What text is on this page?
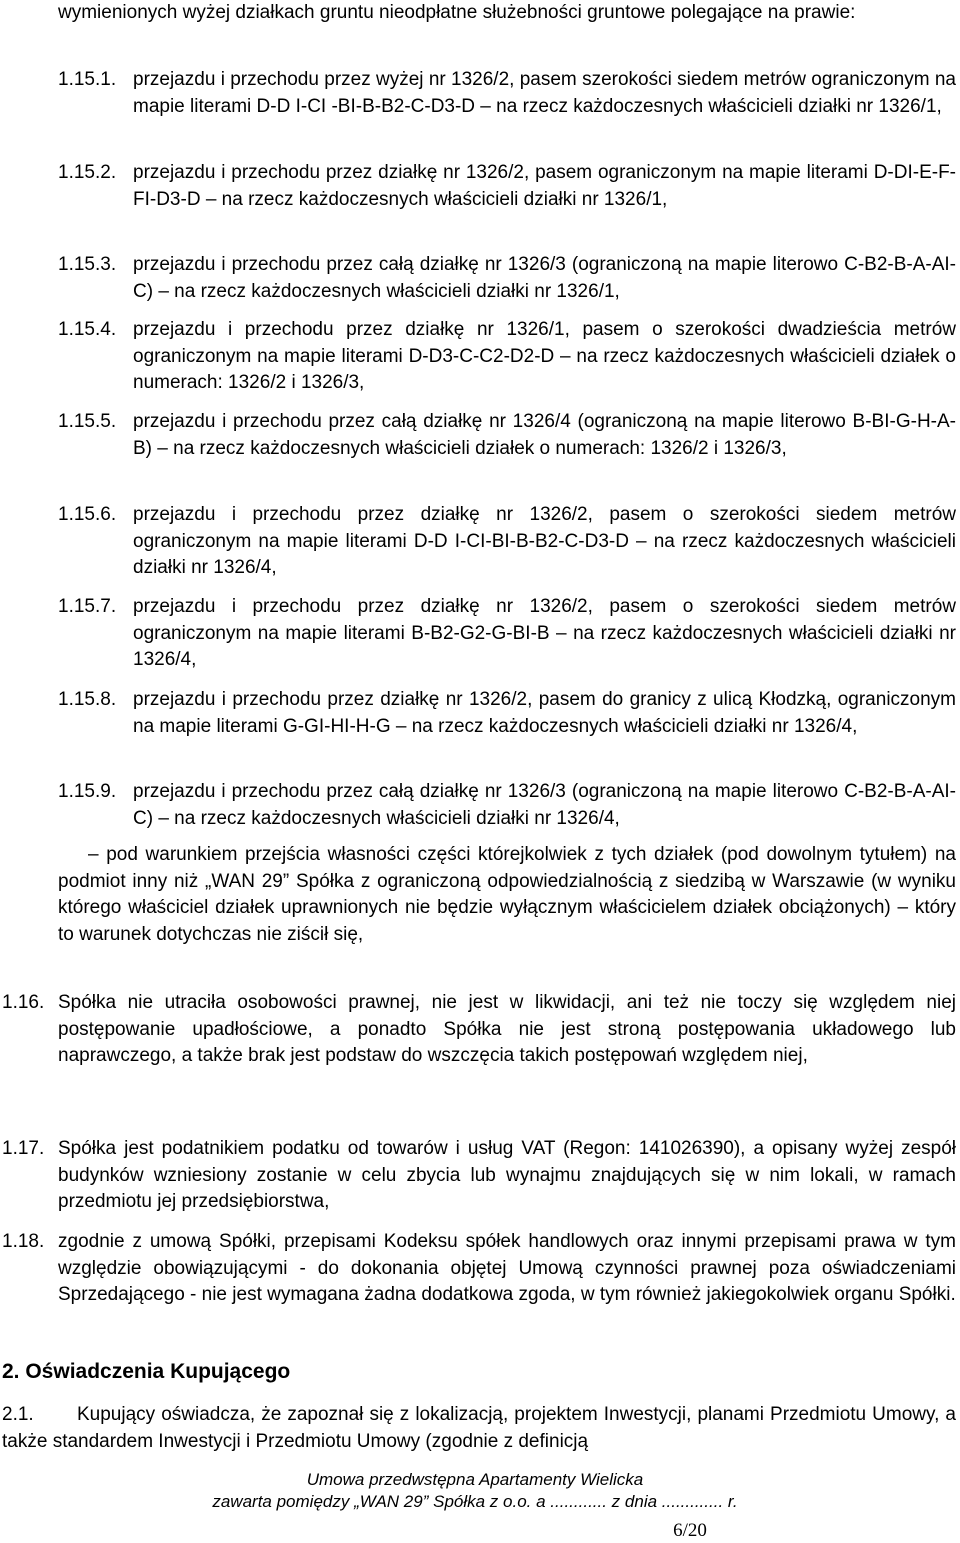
wymienionych wyżej działkach gruntu nieodpłatne służebności gruntowe polegające na prawie:

1.15.1. przejazdu i przechodu przez wyżej nr 1326/2, pasem szerokości siedem metrów ograniczonym na mapie literami D-D I-CI -BI-B-B2-C-D3-D – na rzecz każdoczesnych właścicieli działki nr 1326/1,

1.15.2. przejazdu i przechodu przez działkę nr 1326/2, pasem ograniczonym na mapie literami D-DI-E-F-FI-D3-D – na rzecz każdoczesnych właścicieli działki nr 1326/1,

1.15.3. przejazdu i przechodu przez całą działkę nr 1326/3 (ograniczoną na mapie literowo C-B2-B-A-AI-C) – na rzecz każdoczesnych właścicieli działki nr 1326/1,

1.15.4. przejazdu i przechodu przez działkę nr 1326/1, pasem o szerokości dwadzieścia metrów ograniczonym na mapie literami D-D3-C-C2-D2-D – na rzecz każdoczesnych właścicieli działek o numerach: 1326/2 i 1326/3,

1.15.5. przejazdu i przechodu przez całą działkę nr 1326/4 (ograniczoną na mapie literowo B-BI-G-H-A-B) – na rzecz każdoczesnych właścicieli działek o numerach: 1326/2 i 1326/3,

1.15.6. przejazdu i przechodu przez działkę nr 1326/2, pasem o szerokości siedem metrów ograniczonym na mapie literami D-D I-CI-BI-B-B2-C-D3-D – na rzecz każdoczesnych właścicieli działki nr 1326/4,

1.15.7. przejazdu i przechodu przez działkę nr 1326/2, pasem o szerokości siedem metrów ograniczonym na mapie literami B-B2-G2-G-BI-B – na rzecz każdoczesnych właścicieli działki nr 1326/4,

1.15.8. przejazdu i przechodu przez działkę nr 1326/2, pasem do granicy z ulicą Kłodzką, ograniczonym na mapie literami G-GI-HI-H-G – na rzecz każdoczesnych właścicieli działki nr 1326/4,

1.15.9. przejazdu i przechodu przez całą działkę nr 1326/3 (ograniczoną na mapie literowo C-B2-B-A-AI-C) – na rzecz każdoczesnych właścicieli działki nr 1326/4,

– pod warunkiem przejścia własności części którejkolwiek z tych działek (pod dowolnym tytułem) na podmiot inny niż „WAN 29” Spółka z ograniczoną odpowiedzialnością z siedzibą w Warszawie (w wyniku którego właściciel działek uprawnionych nie będzie wyłącznym właścicielem działek obciążonych) – który to warunek dotychczas nie ziścił się,

1.16. Spółka nie utraciła osobowości prawnej, nie jest w likwidacji, ani też nie toczy się względem niej postępowanie upadłościowe, a ponadto Spółka nie jest stroną postępowania układowego lub naprawczego, a także brak jest podstaw do wszczęcia takich postępowań względem niej,

1.17. Spółka jest podatnikiem podatku od towarów i usług VAT (Regon: 141026390), a opisany wyżej zespół budynków wzniesiony zostanie w celu zbycia lub wynajmu znajdujących się w nim lokali, w ramach przedmiotu jej przedsiębiorstwa,

1.18. zgodnie z umową Spółki, przepisami Kodeksu spółek handlowych oraz innymi przepisami prawa w tym względzie obowiązującymi - do dokonania objętej Umową czynności prawnej poza oświadczeniami Sprzedającego - nie jest wymagana żadna dodatkowa zgoda, w tym również jakiegokolwiek organu Spółki.

2. Oświadczenia Kupującego
2.1.	Kupujący oświadcza, że zapoznał się z lokalizacją, projektem Inwestycji, planami Przedmiotu Umowy, a także standardem Inwestycji i Przedmiotu Umowy (zgodnie z definicją

Umowa przedwstępna Apartamenty Wielicka

zawarta pomiędzy „WAN 29” Spółka z o.o. a ............ z dnia ............. r.

6/20
